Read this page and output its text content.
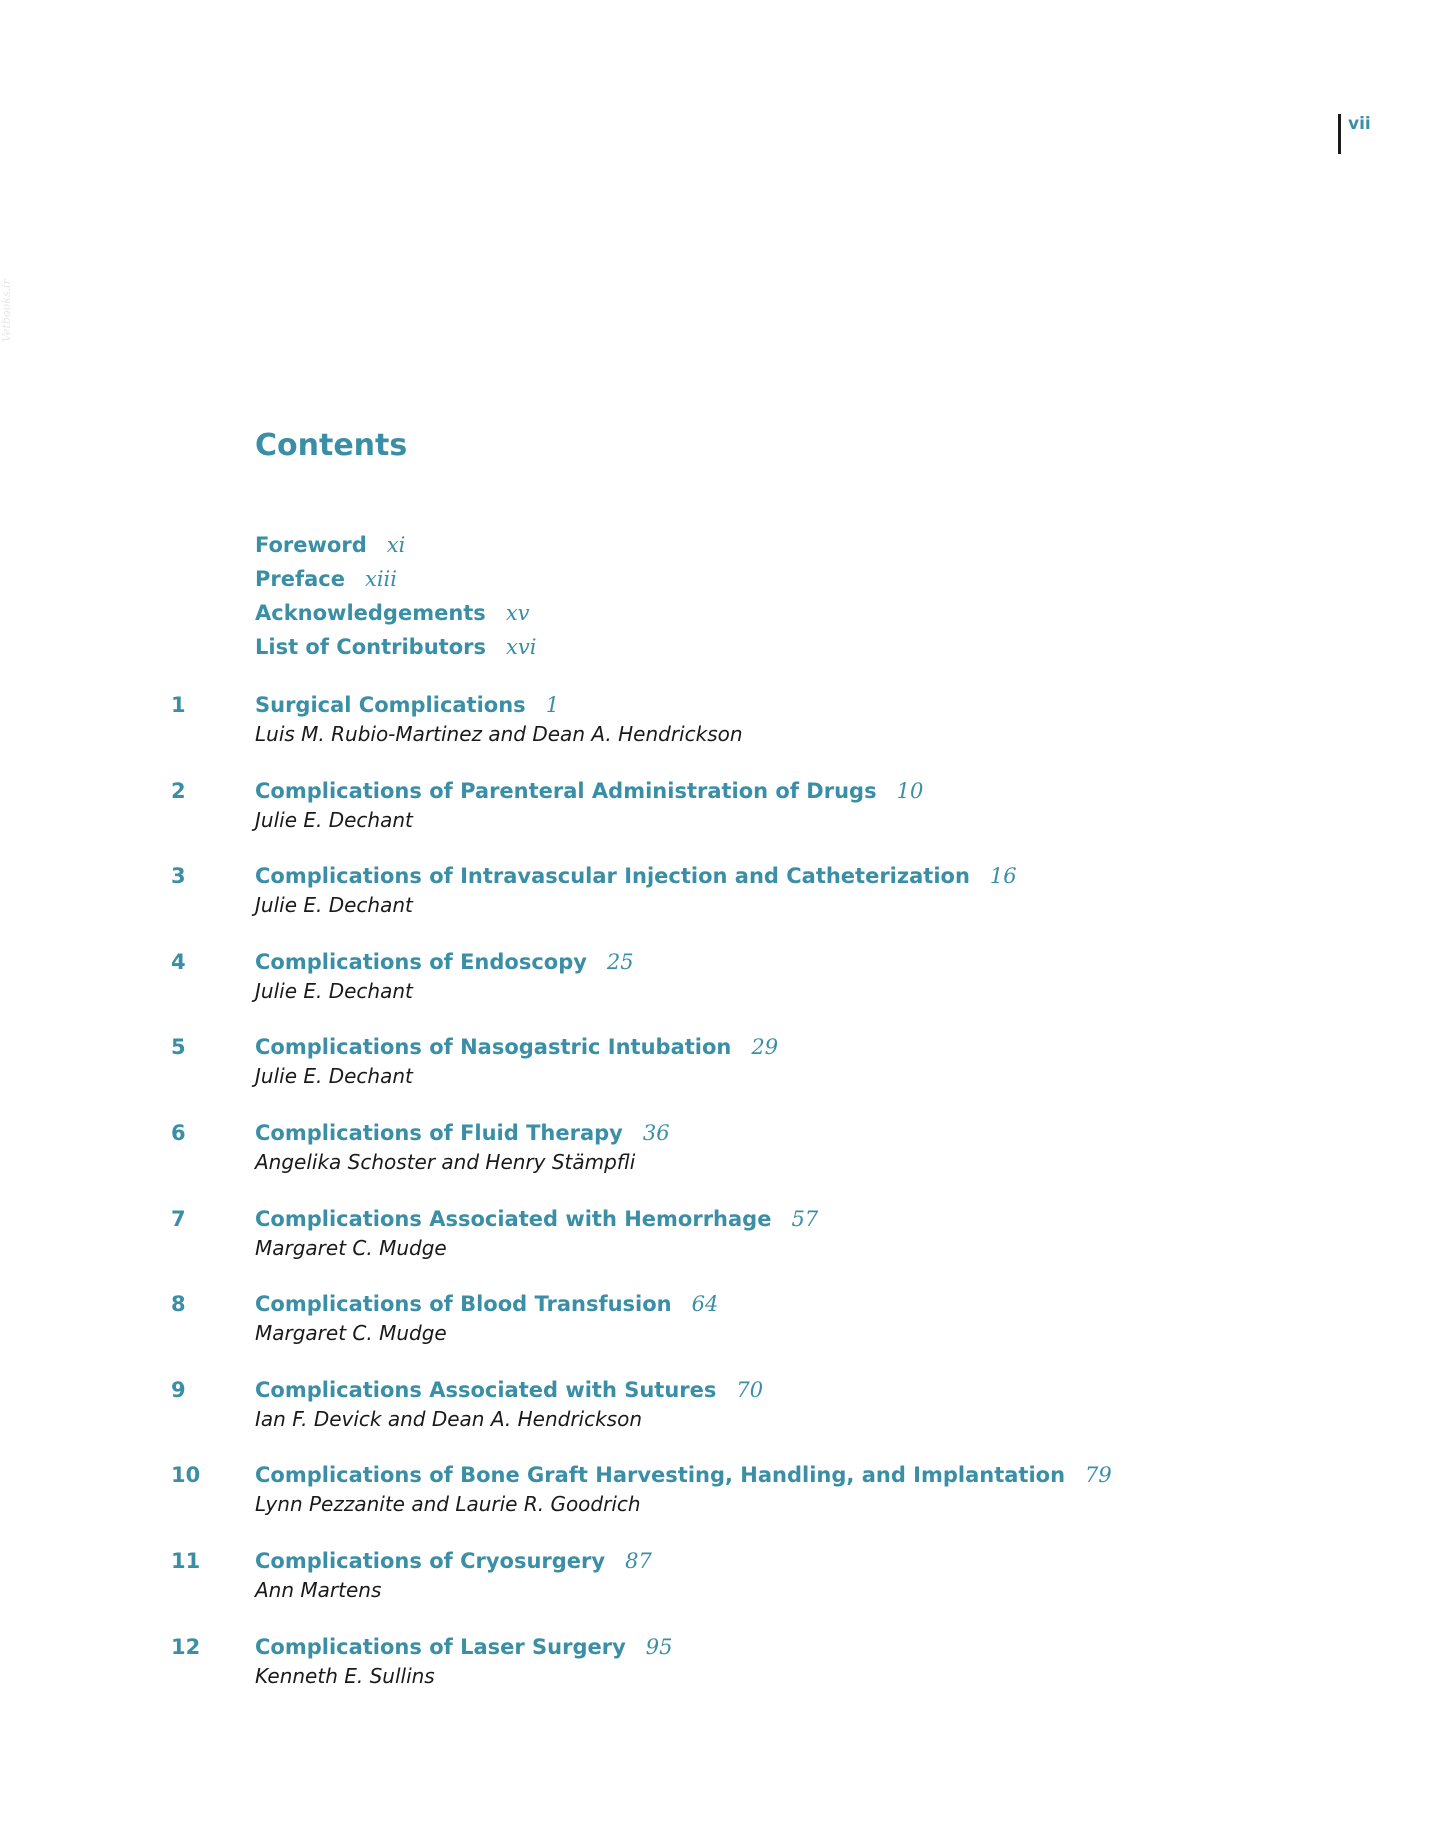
vii
Vetbooks.ir
Contents
Foreword xi
Preface xiii
Acknowledgements xv
List of Contributors xvi
1	Surgical Complications 1
Luis M. Rubio-Martinez and Dean A. Hendrickson
2	Complications of Parenteral Administration of Drugs 10
Julie E. Dechant
3	Complications of Intravascular Injection and Catheterization 16
Julie E. Dechant
4	Complications of Endoscopy 25
Julie E. Dechant
5	Complications of Nasogastric Intubation 29
Julie E. Dechant
6	Complications of Fluid Therapy 36
Angelika Schoster and Henry Stämpfli
7	Complications Associated with Hemorrhage 57
Margaret C. Mudge
8	Complications of Blood Transfusion 64
Margaret C. Mudge
9	Complications Associated with Sutures 70
Ian F. Devick and Dean A. Hendrickson
10	Complications of Bone Graft Harvesting, Handling, and Implantation 79
Lynn Pezzanite and Laurie R. Goodrich
11	Complications of Cryosurgery 87
Ann Martens
12	Complications of Laser Surgery 95
Kenneth E. Sullins
